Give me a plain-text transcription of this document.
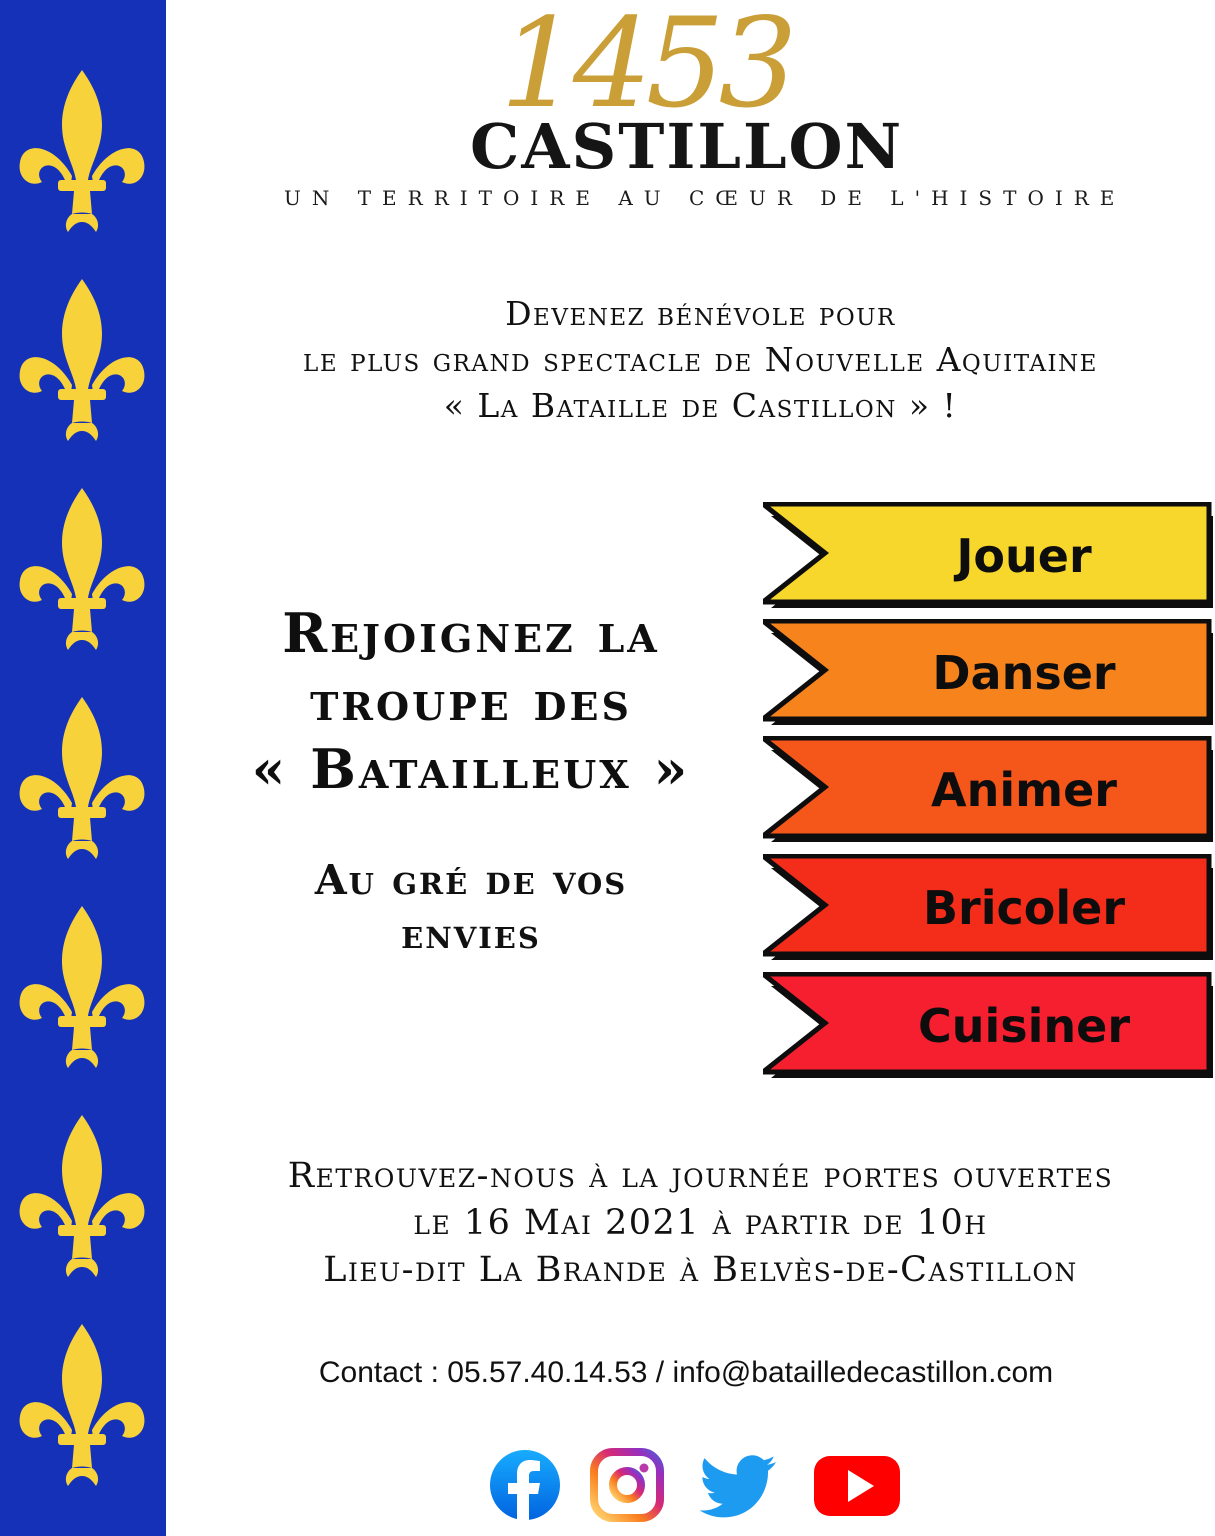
1453
CASTILLON
UN TERRITOIRE AU CŒUR DE L'HISTOIRE
Devenez bénévole pour
le plus grand spectacle de Nouvelle Aquitaine
« La Bataille de Castillon » !
Rejoignez la
troupe des
« Batailleux »
Au gré de vos
envies
Jouer
Danser
Animer
Bricoler
Cuisiner
Retrouvez-nous à la journée portes ouvertes
le 16 Mai 2021 à partir de 10h
Lieu-dit La Brande à Belvès-de-Castillon
Contact : 05.57.40.14.53 / info@batailledecastillon.com
